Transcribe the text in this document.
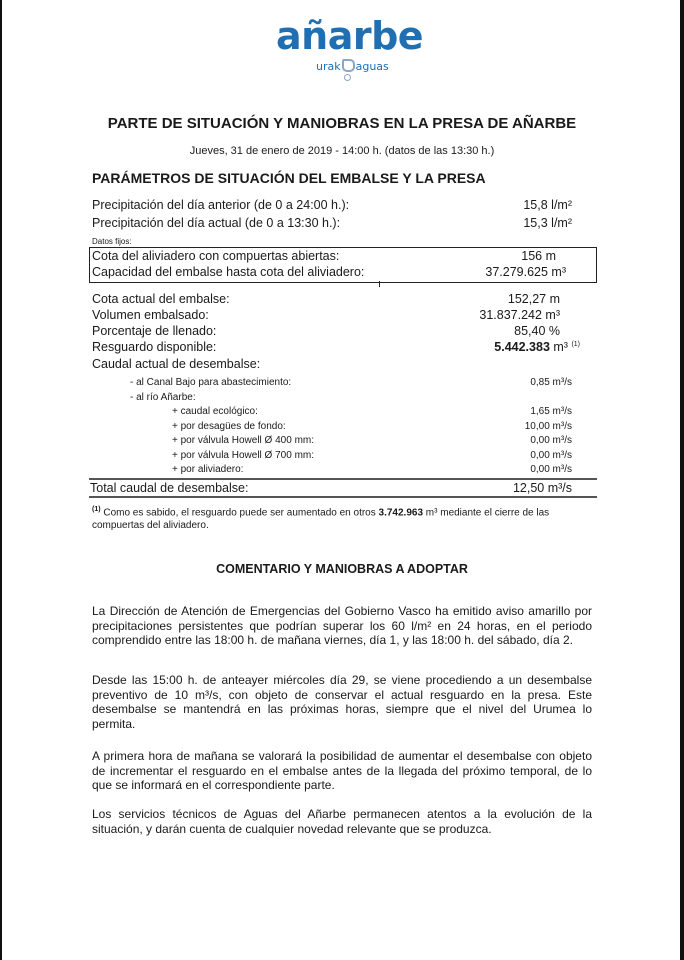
añarbe
urak aguas
PARTE DE SITUACIÓN Y MANIOBRAS EN LA PRESA DE AÑARBE
Jueves, 31 de enero de 2019 - 14:00 h. (datos de las 13:30 h.)
PARÁMETROS DE SITUACIÓN DEL EMBALSE Y LA PRESA
Precipitación del día anterior (de 0 a 24:00 h.):	15,8 l/m²
Precipitación del día actual (de 0 a 13:30 h.):	15,3 l/m²
Datos fijos:
Cota del aliviadero con compuertas abiertas:	156 m
Capacidad del embalse hasta cota del aliviadero:	37.279.625 m³
Cota actual del embalse:	152,27 m
Volumen embalsado:	31.837.242 m³
Porcentaje de llenado:	85,40 %
Resguardo disponible:	5.442.383 m³ $^{(1)}$
Caudal actual de desembalse:
- al Canal Bajo para abastecimiento:	0,85 m³/s
- al río Añarbe:
+ caudal ecológico:	1,65 m³/s
+ por desagües de fondo:	10,00 m³/s
+ por válvula Howell Ø 400 mm:	0,00 m³/s
+ por válvula Howell Ø 700 mm:	0,00 m³/s
+ por aliviadero:	0,00 m³/s
Total caudal de desembalse:	12,50 m³/s
$^{(1)}$ Como es sabido, el resguardo puede ser aumentado en otros 3.742.963 m³ mediante el cierre de las compuertas del aliviadero.
COMENTARIO Y MANIOBRAS A ADOPTAR
La Dirección de Atención de Emergencias del Gobierno Vasco ha emitido aviso amarillo por precipitaciones persistentes que podrían superar los 60 l/m² en 24 horas, en el periodo comprendido entre las 18:00 h. de mañana viernes, día 1, y las 18:00 h. del sábado, día 2.
Desde las 15:00 h. de anteayer miércoles día 29, se viene procediendo a un desembalse preventivo de 10 m³/s, con objeto de conservar el actual resguardo en la presa. Este desembalse se mantendrá en las próximas horas, siempre que el nivel del Urumea lo permita.
A primera hora de mañana se valorará la posibilidad de aumentar el desembalse con objeto de incrementar el resguardo en el embalse antes de la llegada del próximo temporal, de lo que se informará en el correspondiente parte.
Los servicios técnicos de Aguas del Añarbe permanecen atentos a la evolución de la situación, y darán cuenta de cualquier novedad relevante que se produzca.
